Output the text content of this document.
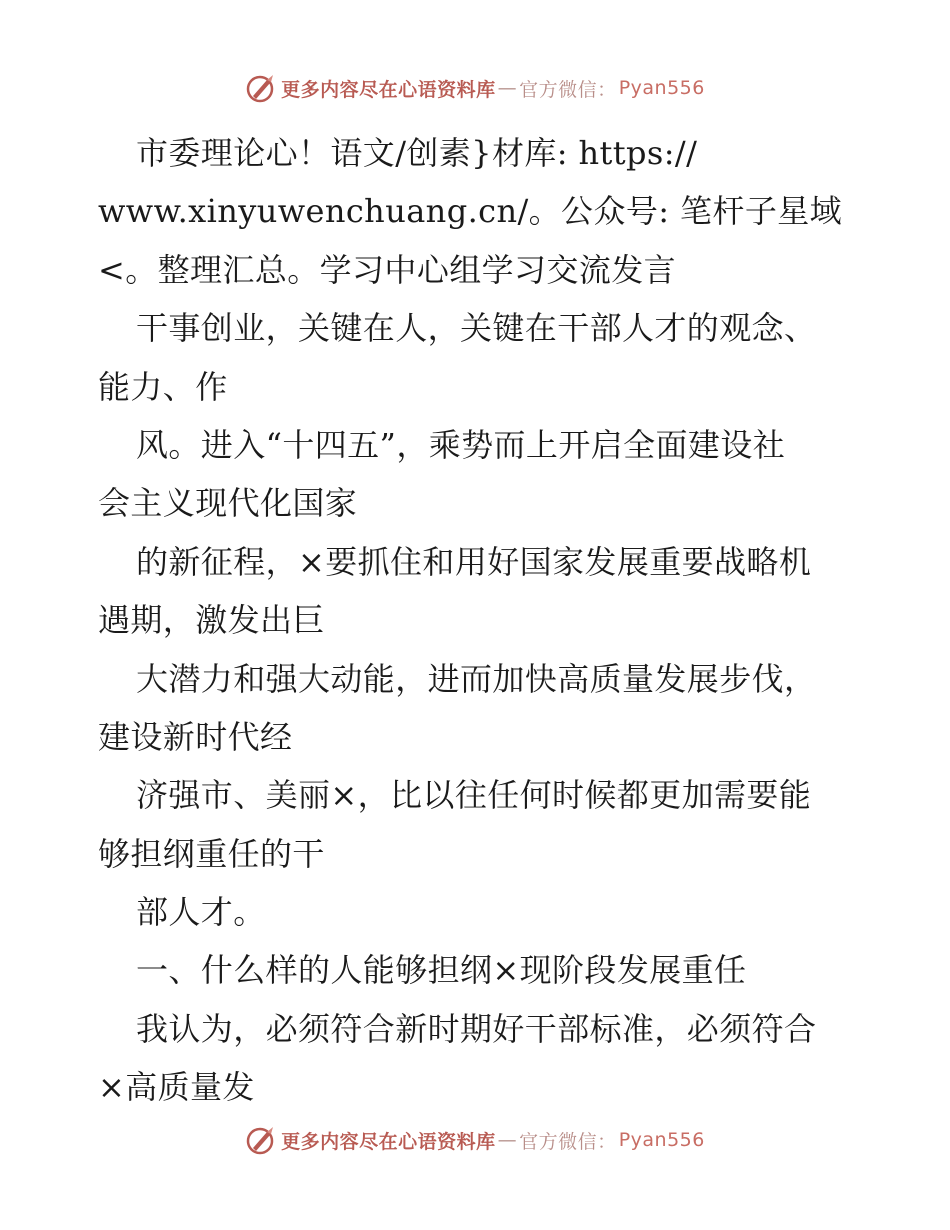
更多内容尽在心语资料库 — 官方微信： Pyan556
市委理论心！语文/创素}材库: https://
www.xinyuwenchuang.cn/。公众号: 笔杆子星域
<。整理汇总。学习中心组学习交流发言
干事创业，关键在人，关键在干部人才的观念、
能力、作
风。进入“十四五”，乘势而上开启全面建设社
会主义现代化国家
的新征程，×要抓住和用好国家发展重要战略机
遇期，激发出巨
大潜力和强大动能，进而加快高质量发展步伐，
建设新时代经
济强市、美丽×，比以往任何时候都更加需要能
够担纲重任的干
部人才。
一、什么样的人能够担纲×现阶段发展重任
我认为，必须符合新时期好干部标准，必须符合
×高质量发
更多内容尽在心语资料库 — 官方微信： Pyan556
